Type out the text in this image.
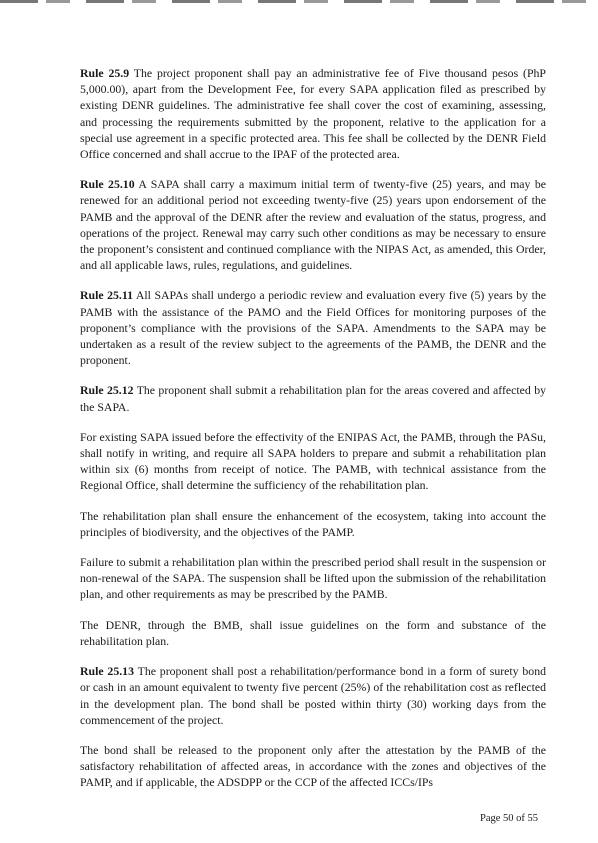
Rule 25.9 The project proponent shall pay an administrative fee of Five thousand pesos (PhP 5,000.00), apart from the Development Fee, for every SAPA application filed as prescribed by existing DENR guidelines. The administrative fee shall cover the cost of examining, assessing, and processing the requirements submitted by the proponent, relative to the application for a special use agreement in a specific protected area. This fee shall be collected by the DENR Field Office concerned and shall accrue to the IPAF of the protected area.

Rule 25.10 A SAPA shall carry a maximum initial term of twenty-five (25) years, and may be renewed for an additional period not exceeding twenty-five (25) years upon endorsement of the PAMB and the approval of the DENR after the review and evaluation of the status, progress, and operations of the project. Renewal may carry such other conditions as may be necessary to ensure the proponent’s consistent and continued compliance with the NIPAS Act, as amended, this Order, and all applicable laws, rules, regulations, and guidelines.

Rule 25.11 All SAPAs shall undergo a periodic review and evaluation every five (5) years by the PAMB with the assistance of the PAMO and the Field Offices for monitoring purposes of the proponent’s compliance with the provisions of the SAPA. Amendments to the SAPA may be undertaken as a result of the review subject to the agreements of the PAMB, the DENR and the proponent.

Rule 25.12 The proponent shall submit a rehabilitation plan for the areas covered and affected by the SAPA.

For existing SAPA issued before the effectivity of the ENIPAS Act, the PAMB, through the PASu, shall notify in writing, and require all SAPA holders to prepare and submit a rehabilitation plan within six (6) months from receipt of notice. The PAMB, with technical assistance from the Regional Office, shall determine the sufficiency of the rehabilitation plan.

The rehabilitation plan shall ensure the enhancement of the ecosystem, taking into account the principles of biodiversity, and the objectives of the PAMP.

Failure to submit a rehabilitation plan within the prescribed period shall result in the suspension or non-renewal of the SAPA. The suspension shall be lifted upon the submission of the rehabilitation plan, and other requirements as may be prescribed by the PAMB.

The DENR, through the BMB, shall issue guidelines on the form and substance of the rehabilitation plan.

Rule 25.13 The proponent shall post a rehabilitation/performance bond in a form of surety bond or cash in an amount equivalent to twenty five percent (25%) of the rehabilitation cost as reflected in the development plan. The bond shall be posted within thirty (30) working days from the commencement of the project.

The bond shall be released to the proponent only after the attestation by the PAMB of the satisfactory rehabilitation of affected areas, in accordance with the zones and objectives of the PAMP, and if applicable, the ADSDPP or the CCP of the affected ICCs/IPs

Page 50 of 55
